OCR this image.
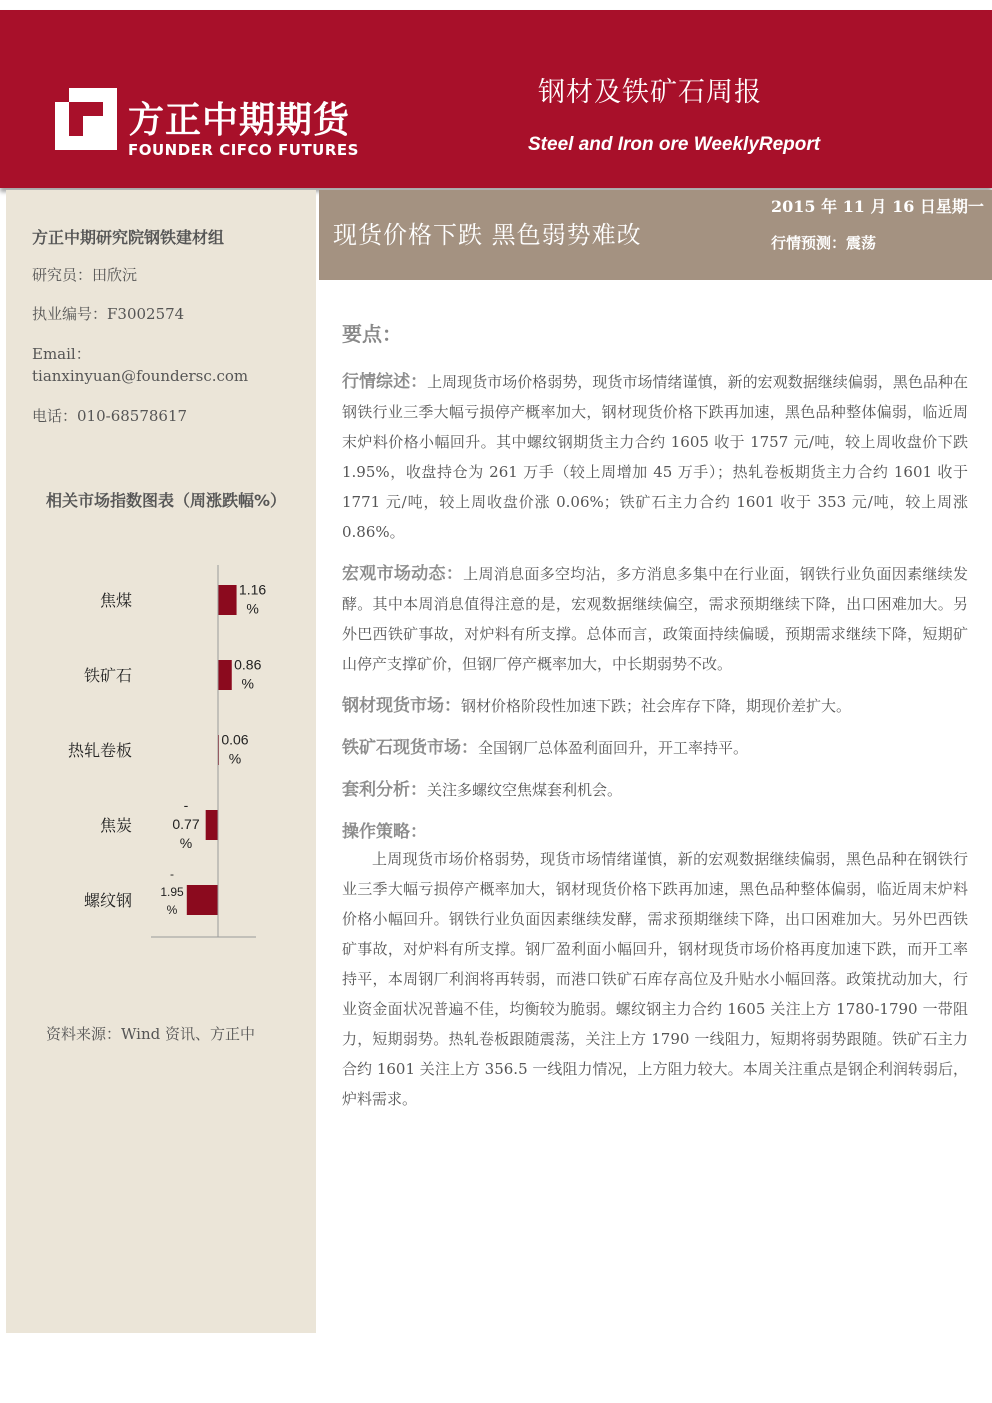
方正中期期货
FOUNDER CIFCO FUTURES
钢材及铁矿石周报
Steel and Iron ore WeeklyReport
方正中期研究院钢铁建材组
研究员：田欣沅
执业编号：F3002574
Email：
tianxinyuan@foundersc.com
电话：010-68578617
相关市场指数图表（周涨跌幅%）
焦煤
1.16
%
铁矿石
0.86
%
热轧卷板
0.06
%
焦炭
-
0.77
%
螺纹钢
-
1.95
%
资料来源：Wind 资讯、方正中
现货价格下跌 黑色弱势难改
2015 年 11 月 16 日星期一
行情预测：震荡
要点：
行情综述：上周现货市场价格弱势，现货市场情绪谨慎，新的宏观数据继续偏弱，黑色品种在钢铁行业三季大幅亏损停产概率加大，钢材现货价格下跌再加速，黑色品种整体偏弱，临近周末炉料价格小幅回升。其中螺纹钢期货主力合约 1605 收于 1757 元/吨，较上周收盘价下跌 1.95%，收盘持仓为 261 万手（较上周增加 45 万手）；热轧卷板期货主力合约 1601 收于 1771 元/吨，较上周收盘价涨 0.06%；铁矿石主力合约 1601 收于 353 元/吨，较上周涨 0.86%。
宏观市场动态：上周消息面多空均沾，多方消息多集中在行业面，钢铁行业负面因素继续发酵。其中本周消息值得注意的是，宏观数据继续偏空，需求预期继续下降，出口困难加大。另外巴西铁矿事故，对炉料有所支撑。总体而言，政策面持续偏暖，预期需求继续下降，短期矿山停产支撑矿价，但钢厂停产概率加大，中长期弱势不改。
钢材现货市场：钢材价格阶段性加速下跌；社会库存下降，期现价差扩大。
铁矿石现货市场：全国钢厂总体盈利面回升，开工率持平。
套利分析：关注多螺纹空焦煤套利机会。
操作策略：
上周现货市场价格弱势，现货市场情绪谨慎，新的宏观数据继续偏弱，黑色品种在钢铁行业三季大幅亏损停产概率加大，钢材现货价格下跌再加速，黑色品种整体偏弱，临近周末炉料价格小幅回升。钢铁行业负面因素继续发酵，需求预期继续下降，出口困难加大。另外巴西铁矿事故，对炉料有所支撑。钢厂盈利面小幅回升，钢材现货市场价格再度加速下跌，而开工率持平，本周钢厂利润将再转弱，而港口铁矿石库存高位及升贴水小幅回落。政策扰动加大，行业资金面状况普遍不佳，均衡较为脆弱。螺纹钢主力合约 1605 关注上方 1780-1790 一带阻力，短期弱势。热轧卷板跟随震荡，关注上方 1790 一线阻力，短期将弱势跟随。铁矿石主力合约 1601 关注上方 356.5 一线阻力情况，上方阻力较大。本周关注重点是钢企利润转弱后，炉料需求。
